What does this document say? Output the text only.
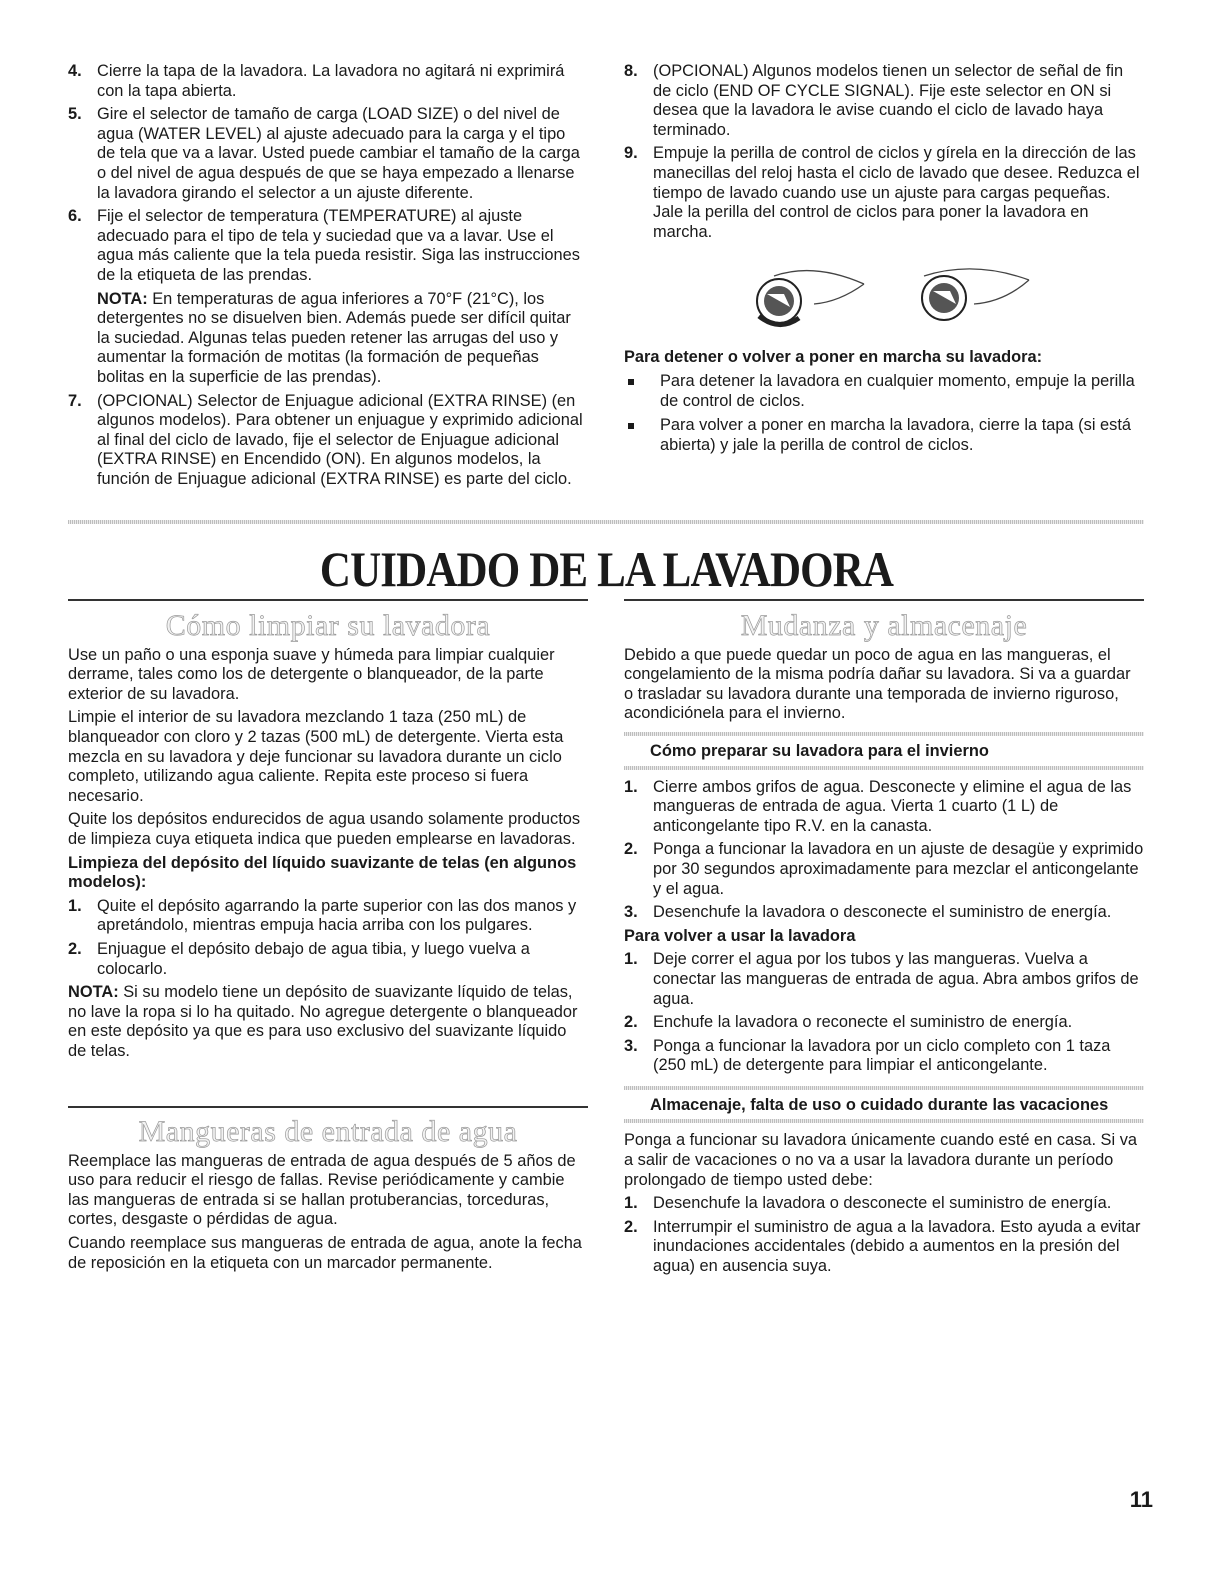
4. Cierre la tapa de la lavadora. La lavadora no agitará ni exprimirá con la tapa abierta.
5. Gire el selector de tamaño de carga (LOAD SIZE) o del nivel de agua (WATER LEVEL) al ajuste adecuado para la carga y el tipo de tela que va a lavar. Usted puede cambiar el tamaño de la carga o del nivel de agua después de que se haya empezado a llenarse la lavadora girando el selector a un ajuste diferente.
6. Fije el selector de temperatura (TEMPERATURE) al ajuste adecuado para el tipo de tela y suciedad que va a lavar. Use el agua más caliente que la tela pueda resistir. Siga las instrucciones de la etiqueta de las prendas.
NOTA: En temperaturas de agua inferiores a 70°F (21°C), los detergentes no se disuelven bien. Además puede ser difícil quitar la suciedad. Algunas telas pueden retener las arrugas del uso y aumentar la formación de motitas (la formación de pequeñas bolitas en la superficie de las prendas).
7. (OPCIONAL) Selector de Enjuague adicional (EXTRA RINSE) (en algunos modelos). Para obtener un enjuague y exprimido adicional al final del ciclo de lavado, fije el selector de Enjuague adicional (EXTRA RINSE) en Encendido (ON). En algunos modelos, la función de Enjuague adicional (EXTRA RINSE) es parte del ciclo.
8. (OPCIONAL) Algunos modelos tienen un selector de señal de fin de ciclo (END OF CYCLE SIGNAL). Fije este selector en ON si desea que la lavadora le avise cuando el ciclo de lavado haya terminado.
9. Empuje la perilla de control de ciclos y gírela en la dirección de las manecillas del reloj hasta el ciclo de lavado que desee. Reduzca el tiempo de lavado cuando use un ajuste para cargas pequeñas. Jale la perilla del control de ciclos para poner la lavadora en marcha.
Para detener o volver a poner en marcha su lavadora:
Para detener la lavadora en cualquier momento, empuje la perilla de control de ciclos.
Para volver a poner en marcha la lavadora, cierre la tapa (si está abierta) y jale la perilla de control de ciclos.
CUIDADO DE LA LAVADORA
Cómo limpiar su lavadora

Use un paño o una esponja suave y húmeda para limpiar cualquier derrame, tales como los de detergente o blanqueador, de la parte exterior de su lavadora.

Limpie el interior de su lavadora mezclando 1 taza (250 mL) de blanqueador con cloro y 2 tazas (500 mL) de detergente. Vierta esta mezcla en su lavadora y deje funcionar su lavadora durante un ciclo completo, utilizando agua caliente. Repita este proceso si fuera necesario.

Quite los depósitos endurecidos de agua usando solamente productos de limpieza cuya etiqueta indica que pueden emplearse en lavadoras.

Limpieza del depósito del líquido suavizante de telas (en algunos modelos):
1. Quite el depósito agarrando la parte superior con las dos manos y apretándolo, mientras empuja hacia arriba con los pulgares.
2. Enjuague el depósito debajo de agua tibia, y luego vuelva a colocarlo.

NOTA: Si su modelo tiene un depósito de suavizante líquido de telas, no lave la ropa si lo ha quitado. No agregue detergente o blanqueador en este depósito ya que es para uso exclusivo del suavizante líquido de telas.

Mangueras de entrada de agua

Reemplace las mangueras de entrada de agua después de 5 años de uso para reducir el riesgo de fallas. Revise periódicamente y cambie las mangueras de entrada si se hallan protuberancias, torceduras, cortes, desgaste o pérdidas de agua.

Cuando reemplace sus mangueras de entrada de agua, anote la fecha de reposición en la etiqueta con un marcador permanente.

Mudanza y almacenaje

Debido a que puede quedar un poco de agua en las mangueras, el congelamiento de la misma podría dañar su lavadora. Si va a guardar o trasladar su lavadora durante una temporada de invierno riguroso, acondiciónela para el invierno.

Cómo preparar su lavadora para el invierno
1. Cierre ambos grifos de agua. Desconecte y elimine el agua de las mangueras de entrada de agua. Vierta 1 cuarto (1 L) de anticongelante tipo R.V. en la canasta.
2. Ponga a funcionar la lavadora en un ajuste de desagüe y exprimido por 30 segundos aproximadamente para mezclar el anticongelante y el agua.
3. Desenchufe la lavadora o desconecte el suministro de energía.
Para volver a usar la lavadora
1. Deje correr el agua por los tubos y las mangueras. Vuelva a conectar las mangueras de entrada de agua. Abra ambos grifos de agua.
2. Enchufe la lavadora o reconecte el suministro de energía.
3. Ponga a funcionar la lavadora por un ciclo completo con 1 taza (250 mL) de detergente para limpiar el anticongelante.
Almacenaje, falta de uso o cuidado durante las vacaciones

Ponga a funcionar su lavadora únicamente cuando esté en casa. Si va a salir de vacaciones o no va a usar la lavadora durante un período prolongado de tiempo usted debe:

1. Desenchufe la lavadora o desconecte el suministro de energía.
2. Interrumpir el suministro de agua a la lavadora. Esto ayuda a evitar inundaciones accidentales (debido a aumentos en la presión del agua) en ausencia suya.
11
